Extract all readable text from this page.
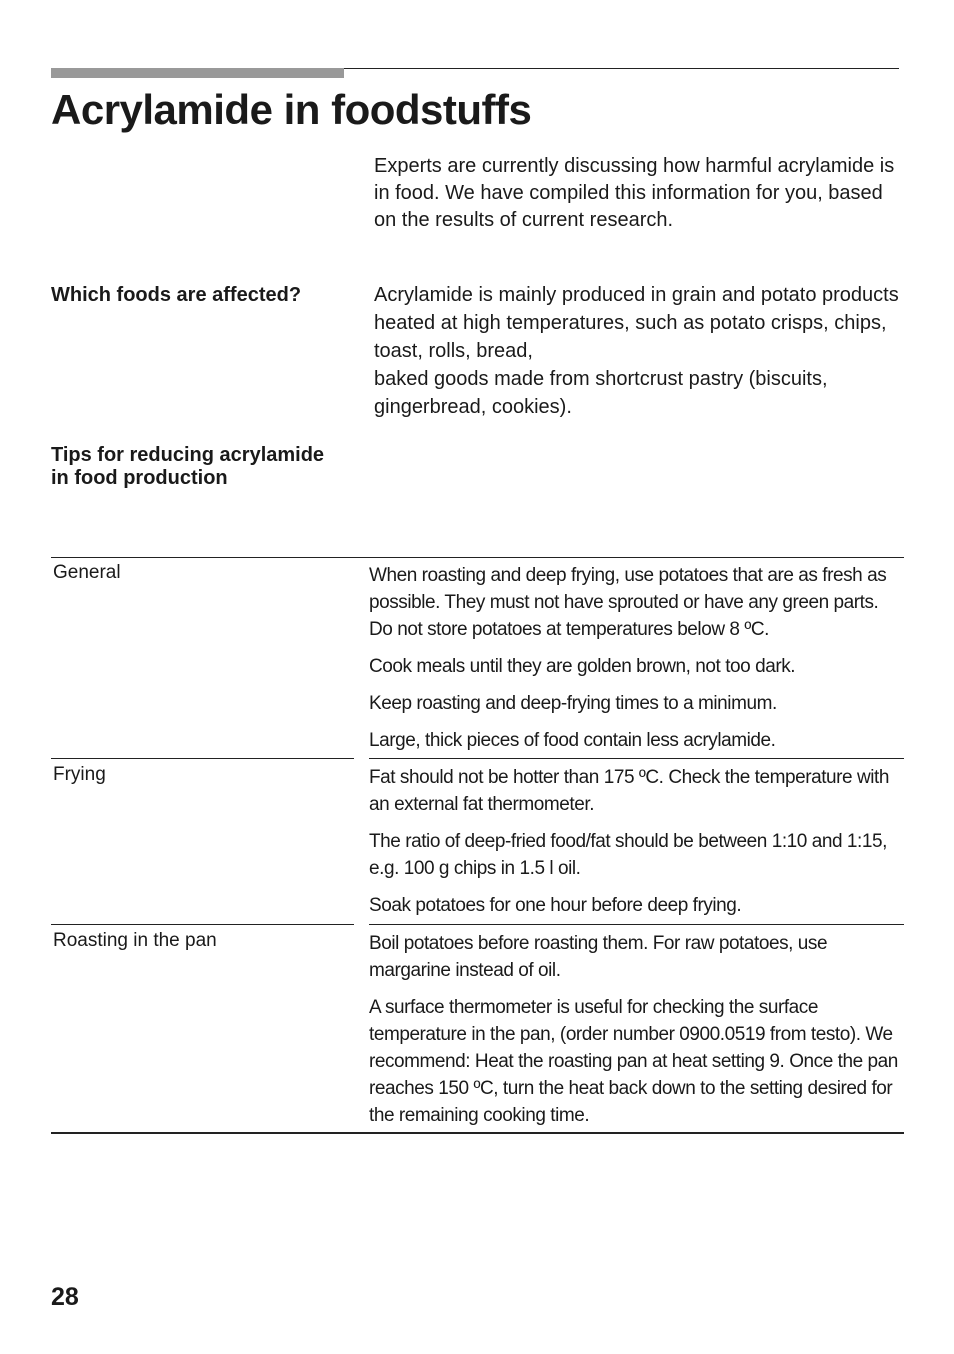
Acrylamide in foodstuffs

Experts are currently discussing how harmful acrylamide is in food. We have compiled this information for you, based on the results of current research.

Which foods are affected?	Acrylamide is mainly produced in grain and potato products heated at high temperatures, such as potato crisps, chips, toast, rolls, bread,

baked goods made from shortcrust pastry (biscuits, gingerbread, cookies).

Tips for reducing acrylamide in food production
General	When roasting and deep frying, use potatoes that are as fresh as possible. They must not have sprouted or have any green parts. Do not store potatoes at temperatures below 8 ºC.

Cook meals until they are golden brown, not too dark.

Keep roasting and deep-frying times to a minimum.

Large, thick pieces of food contain less acrylamide.

Frying	Fat should not be hotter than 175 ºC. Check the temperature with an external fat thermometer.

The ratio of deep-fried food/fat should be between 1:10 and 1:15, e.g. 100 g chips in 1.5 l oil.

Soak potatoes for one hour before deep frying.

Roasting in the pan	Boil potatoes before roasting them. For raw potatoes, use margarine instead of oil.

A surface thermometer is useful for checking the surface temperature in the pan, (order number 0900.0519 from testo). We recommend: Heat the roasting pan at heat setting 9. Once the pan reaches 150 ºC, turn the heat back down to the setting desired for the remaining cooking time.

28
